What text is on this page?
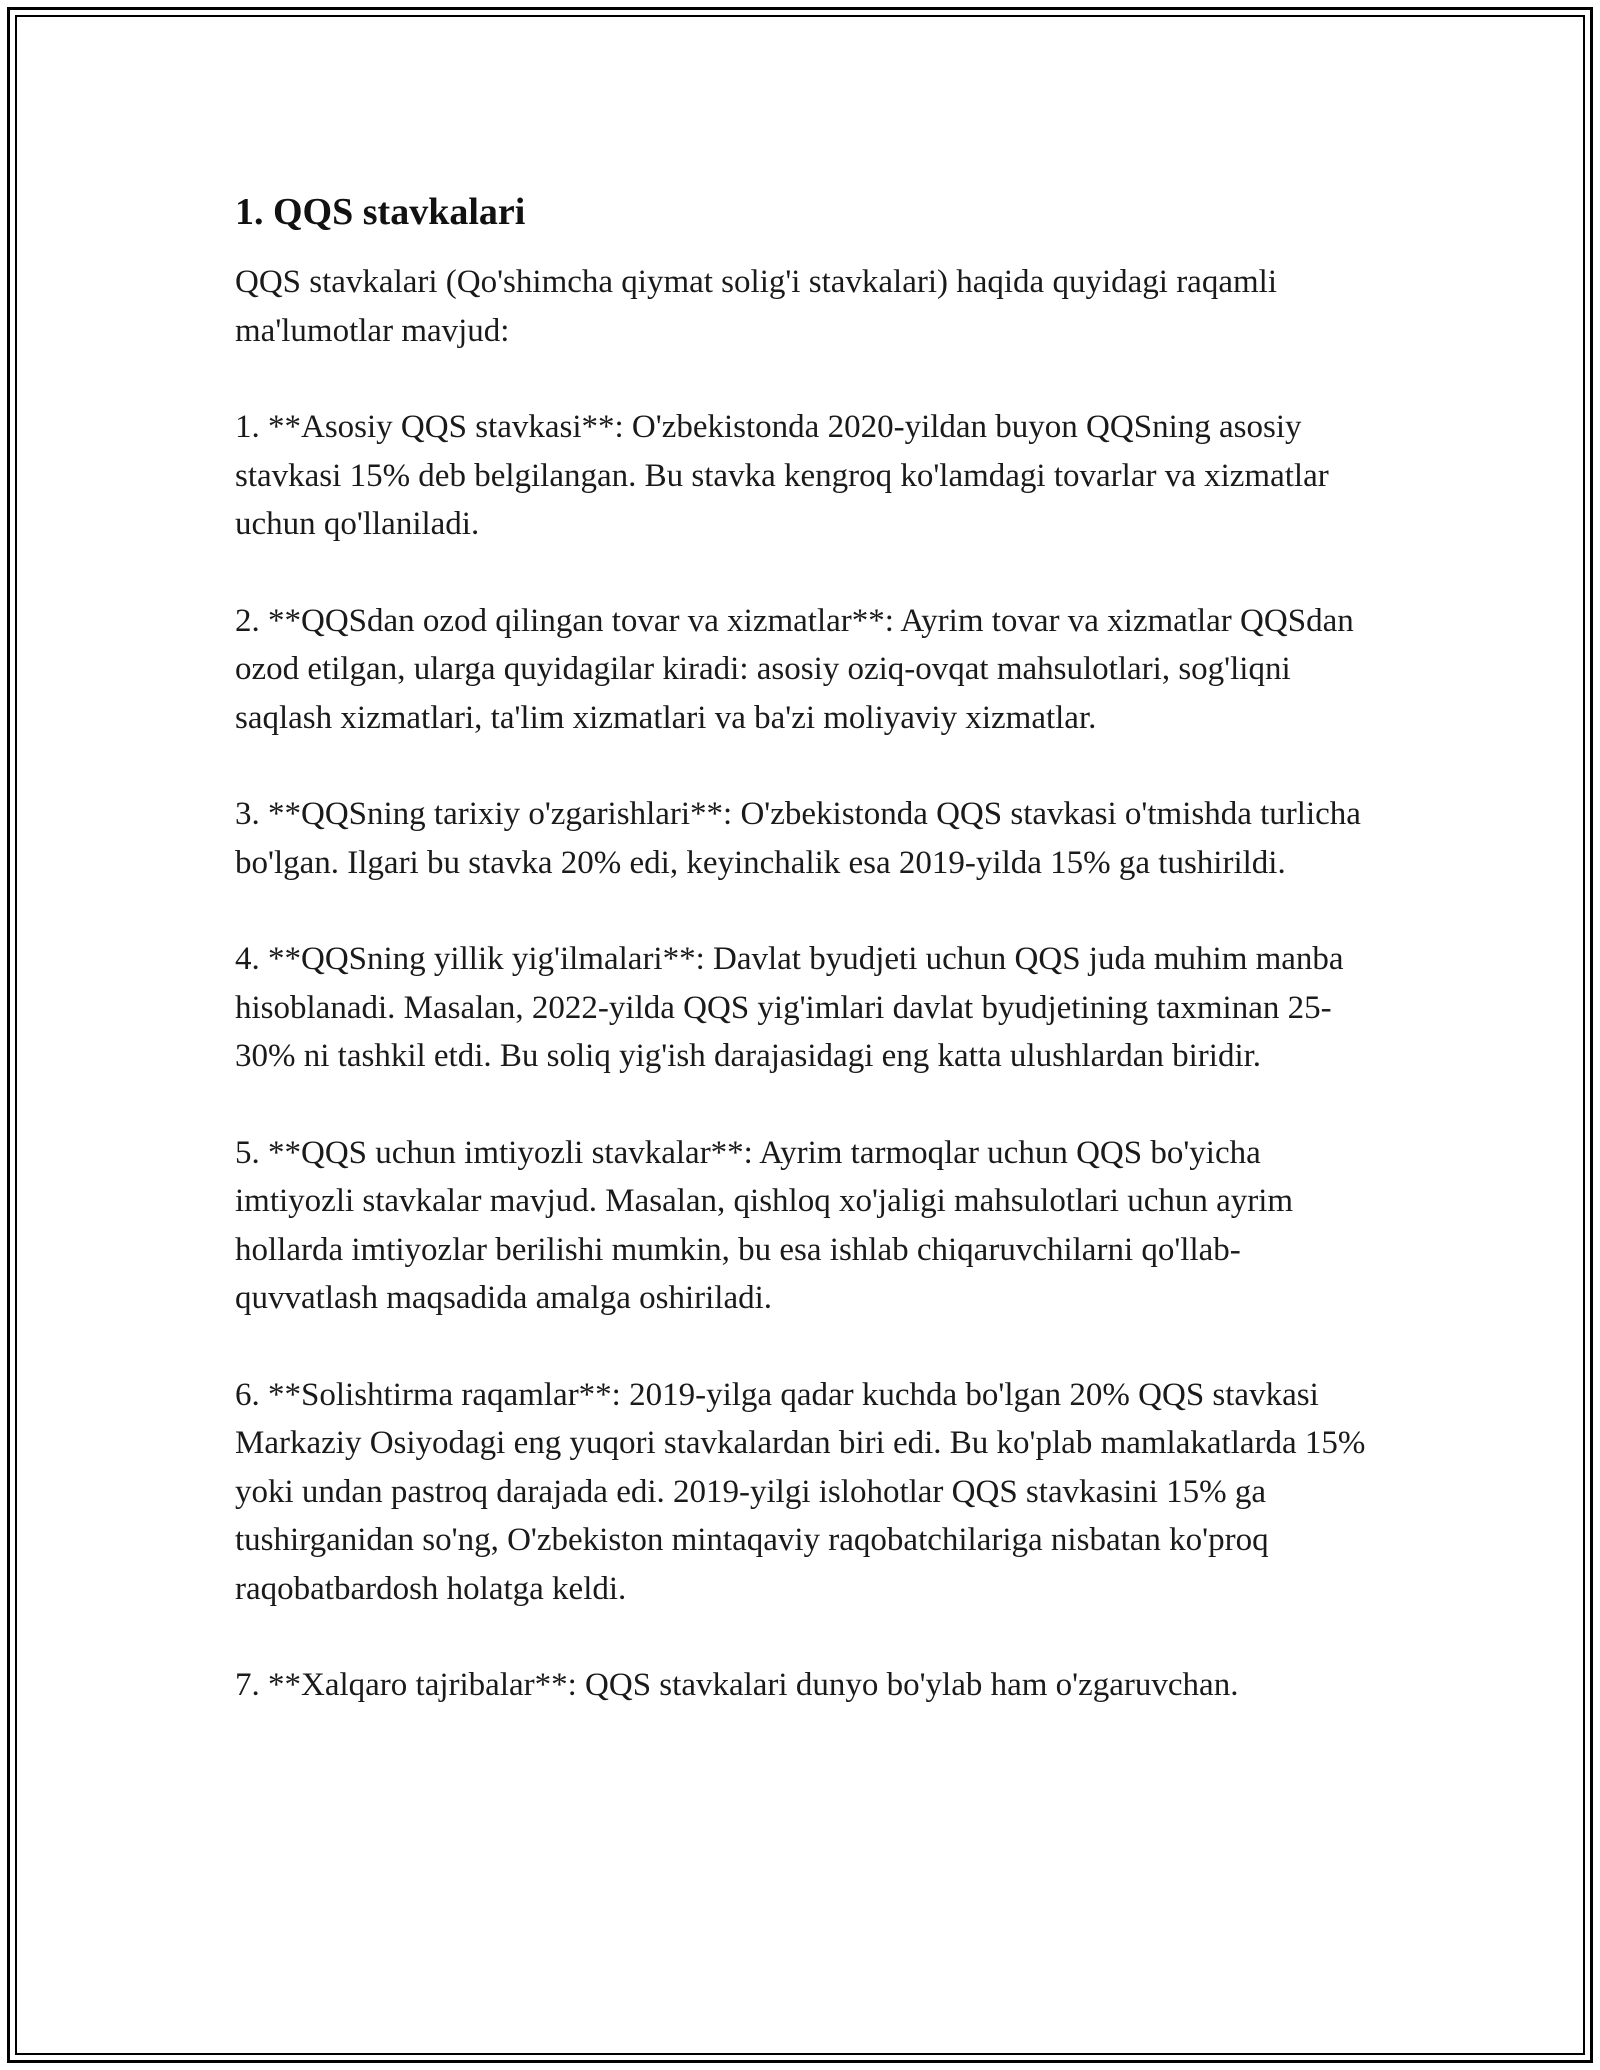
1. QQS stavkalari

QQS stavkalari (Qo'shimcha qiymat solig'i stavkalari) haqida quyidagi raqamli ma'lumotlar mavjud:

1. **Asosiy QQS stavkasi**: O'zbekistonda 2020-yildan buyon QQSning asosiy stavkasi 15% deb belgilangan. Bu stavka kengroq ko'lamdagi tovarlar va xizmatlar uchun qo'llaniladi.

2. **QQSdan ozod qilingan tovar va xizmatlar**: Ayrim tovar va xizmatlar QQSdan ozod etilgan, ularga quyidagilar kiradi: asosiy oziq-ovqat mahsulotlari, sog'liqni saqlash xizmatlari, ta'lim xizmatlari va ba'zi moliyaviy xizmatlar.

3. **QQSning tarixiy o'zgarishlari**: O'zbekistonda QQS stavkasi o'tmishda turlicha bo'lgan. Ilgari bu stavka 20% edi, keyinchalik esa 2019-yilda 15% ga tushirildi.

4. **QQSning yillik yig'ilmalari**: Davlat byudjeti uchun QQS juda muhim manba hisoblanadi. Masalan, 2022-yilda QQS yig'imlari davlat byudjetining taxminan 25-30% ni tashkil etdi. Bu soliq yig'ish darajasidagi eng katta ulushlardan biridir.

5. **QQS uchun imtiyozli stavkalar**: Ayrim tarmoqlar uchun QQS bo'yicha imtiyozli stavkalar mavjud. Masalan, qishloq xo'jaligi mahsulotlari uchun ayrim hollarda imtiyozlar berilishi mumkin, bu esa ishlab chiqaruvchilarni qo'llab-quvvatlash maqsadida amalga oshiriladi.

6. **Solishtirma raqamlar**: 2019-yilga qadar kuchda bo'lgan 20% QQS stavkasi Markaziy Osiyodagi eng yuqori stavkalardan biri edi. Bu ko'plab mamlakatlarda 15% yoki undan pastroq darajada edi. 2019-yilgi islohotlar QQS stavkasini 15% ga tushirganidan so'ng, O'zbekiston mintaqaviy raqobatchilariga nisbatan ko'proq raqobatbardosh holatga keldi.

7. **Xalqaro tajribalar**: QQS stavkalari dunyo bo'ylab ham o'zgaruvchan.
